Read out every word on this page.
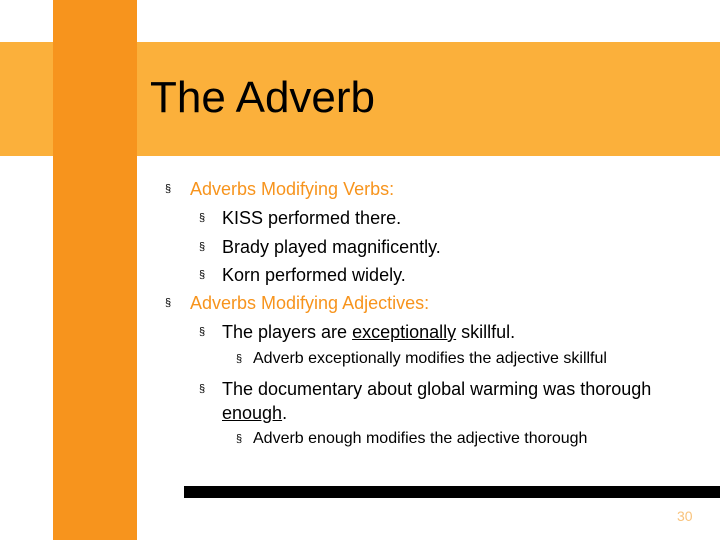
The Adverb
§ Adverbs Modifying Verbs:
§ KISS performed there.
§ Brady played magnificently.
§ Korn performed widely.
§ Adverbs Modifying Adjectives:
§ The players are exceptionally skillful.
§ Adverb exceptionally modifies the adjective skillful
§ The documentary about global warming was thorough
enough.
§ Adverb enough modifies the adjective thorough
30
